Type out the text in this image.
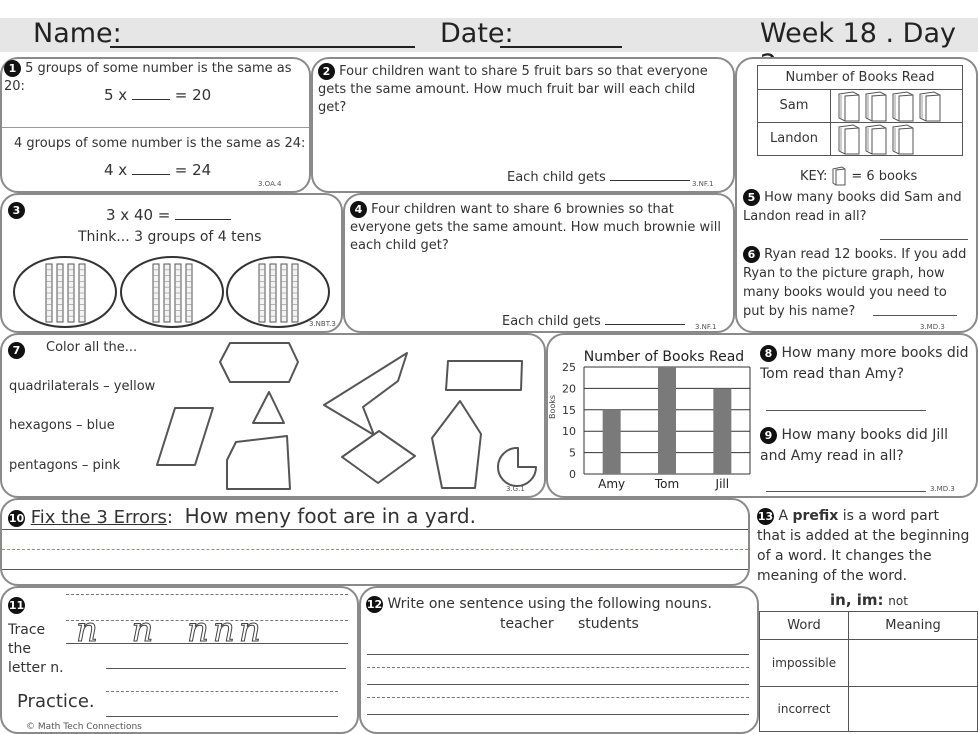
Name:	Date:	Week 18 . Day
1 5 groups of some number is the same as 20:	5 x	= 20
4 groups of some number is the same as 24:
4 x	= 24
3.OA.4
2 Four children want to share 5 fruit bars so that everyone gets the same amount. How much fruit bar will each child get?
Each child gets	3.NF.1
3	3 x 40 =
Think... 3 groups of 4 tens
3.NBT.3
4 Four children want to share 6 brownies so that everyone gets the same amount. How much brownie will each child get?
Each child gets	3.NF.1
Number of Books Read
Sam
Landon
KEY: = 6 books
5 How many books did Sam and Landon read in all?
6 Ryan read 12 books. If you add Ryan to the picture graph, how many books would you need to put by his name?
3.MD.3
7	Color all the...
quadrilaterals – yellow
hexagons – blue
pentagons – pink
3.G.1
Number of Books Read
Books
0
5
10
15
20
25
Amy Tom	Jill
8 How many more books did Tom read than Amy?
9 How many books did Jill and Amy read in all?
3.MD.3
10 Fix the 3 Errors: How meny foot are in a yard.
11
Trace the letter n.
n  n  nnn
Practice.
© Math Tech Connections
12 Write one sentence using the following nouns.
teacher students
13 A prefix is a word part that is added at the beginning of a word. It changes the meaning of the word.
in, im: not
Word	Meaning
impossible	
incorrect	
